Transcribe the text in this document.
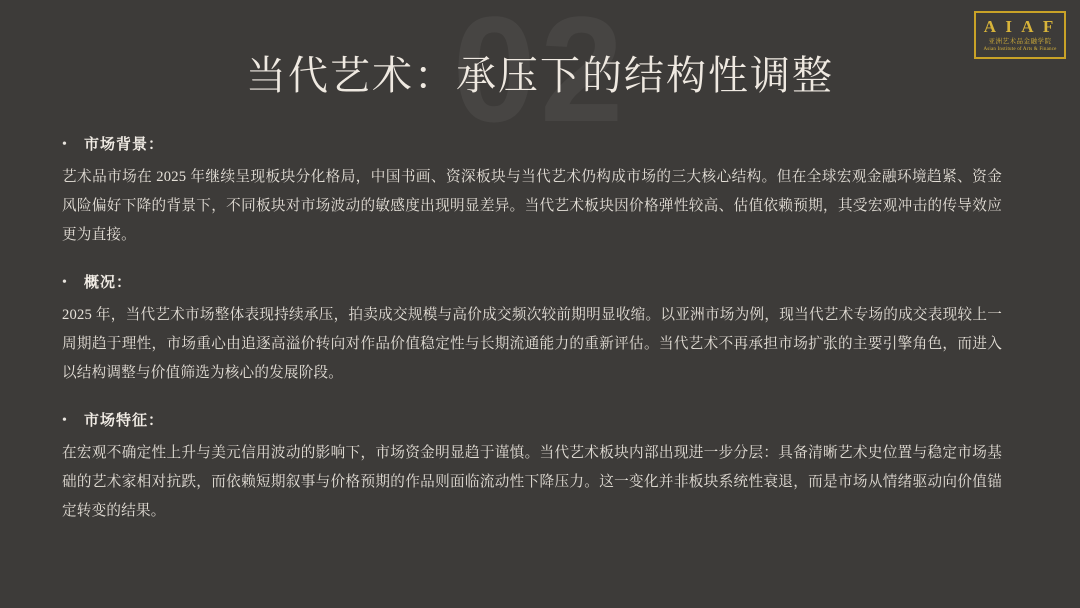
02	A I A F
亚洲艺术品金融学院
Asian Institute of Arts & Finance
当代艺术：承压下的结构性调整
•	市场背景：
艺术品市场在 2025 年继续呈现板块分化格局，中国书画、资深板块与当代艺术仍构成市场的三大核心结构。但在全球宏观金融环境趋紧、资金风险偏好下降的背景下，不同板块对市场波动的敏感度出现明显差异。当代艺术板块因价格弹性较高、估值依赖预期，其受宏观冲击的传导效应更为直接。
•	概况：
2025 年，当代艺术市场整体表现持续承压，拍卖成交规模与高价成交频次较前期明显收缩。以亚洲市场为例，现当代艺术专场的成交表现较上一周期趋于理性，市场重心由追逐高溢价转向对作品价值稳定性与长期流通能力的重新评估。当代艺术不再承担市场扩张的主要引擎角色，而进入以结构调整与价值筛选为核心的发展阶段。
•	市场特征：
在宏观不确定性上升与美元信用波动的影响下，市场资金明显趋于谨慎。当代艺术板块内部出现进一步分层：具备清晰艺术史位置与稳定市场基础的艺术家相对抗跌，而依赖短期叙事与价格预期的作品则面临流动性下降压力。这一变化并非板块系统性衰退，而是市场从情绪驱动向价值锚定转变的结果。
